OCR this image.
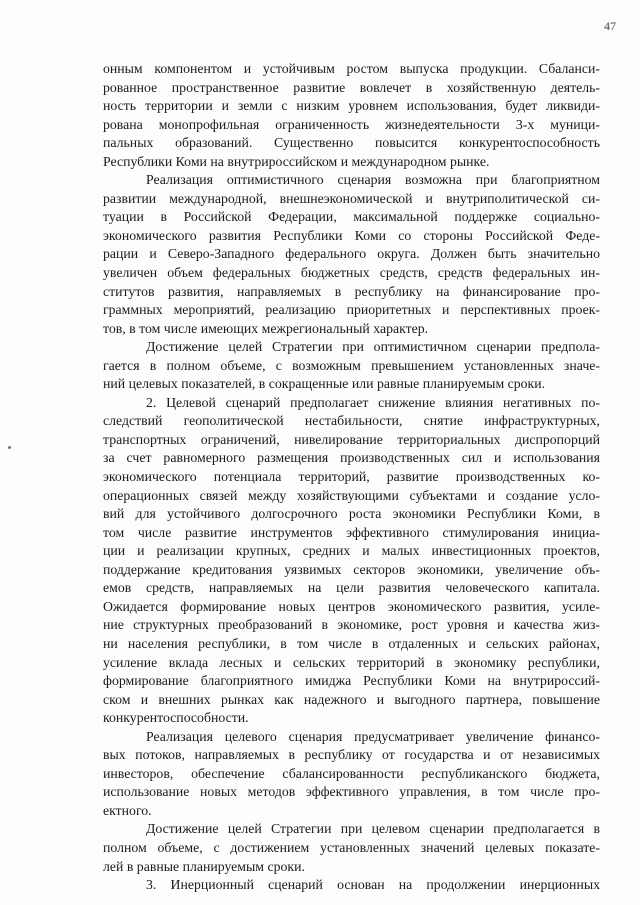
47
онным компонентом и устойчивым ростом выпуска продукции. Сбаланси-
рованное пространственное развитие вовлечет в хозяйственную деятель-
ность территории и земли с низким уровнем использования, будет ликвиди-
рована монопрофильная ограниченность жизнедеятельности 3-х муници-
пальных образований. Существенно повысится конкурентоспособность
Республики Коми на внутрироссийском и международном рынке.
Реализация оптимистичного сценария возможна при благоприятном
развитии международной, внешнеэкономической и внутриполитической си-
туации в Российской Федерации, максимальной поддержке социально-
экономического развития Республики Коми со стороны Российской Феде-
рации и Северо-Западного федерального округа. Должен быть значительно
увеличен объем федеральных бюджетных средств, средств федеральных ин-
ститутов развития, направляемых в республику на финансирование про-
граммных мероприятий, реализацию приоритетных и перспективных проек-
тов, в том числе имеющих межрегиональный характер.
Достижение целей Стратегии при оптимистичном сценарии предпола-
гается в полном объеме, с возможным превышением установленных значе-
ний целевых показателей, в сокращенные или равные планируемым сроки.
2. Целевой сценарий предполагает снижение влияния негативных по-
следствий геополитической нестабильности, снятие инфраструктурных,
транспортных ограничений, нивелирование территориальных диспропорций
за счет равномерного размещения производственных сил и использования
экономического потенциала территорий, развитие производственных ко-
операционных связей между хозяйствующими субъектами и создание усло-
вий для устойчивого долгосрочного роста экономики Республики Коми, в
том числе развитие инструментов эффективного стимулирования инициа-
ции и реализации крупных, средних и малых инвестиционных проектов,
поддержание кредитования уязвимых секторов экономики, увеличение объ-
емов средств, направляемых на цели развития человеческого капитала.
Ожидается формирование новых центров экономического развития, усиле-
ние структурных преобразований в экономике, рост уровня и качества жиз-
ни населения республики, в том числе в отдаленных и сельских районах,
усиление вклада лесных и сельских территорий в экономику республики,
формирование благоприятного имиджа Республики Коми на внутрироссий-
ском и внешних рынках как надежного и выгодного партнера, повышение
конкурентоспособности.
Реализация целевого сценария предусматривает увеличение финансо-
вых потоков, направляемых в республику от государства и от независимых
инвесторов, обеспечение сбалансированности республиканского бюджета,
использование новых методов эффективного управления, в том числе про-
ектного.
Достижение целей Стратегии при целевом сценарии предполагается в
полном объеме, с достижением установленных значений целевых показате-
лей в равные планируемым сроки.
3. Инерционный сценарий основан на продолжении инерционных
